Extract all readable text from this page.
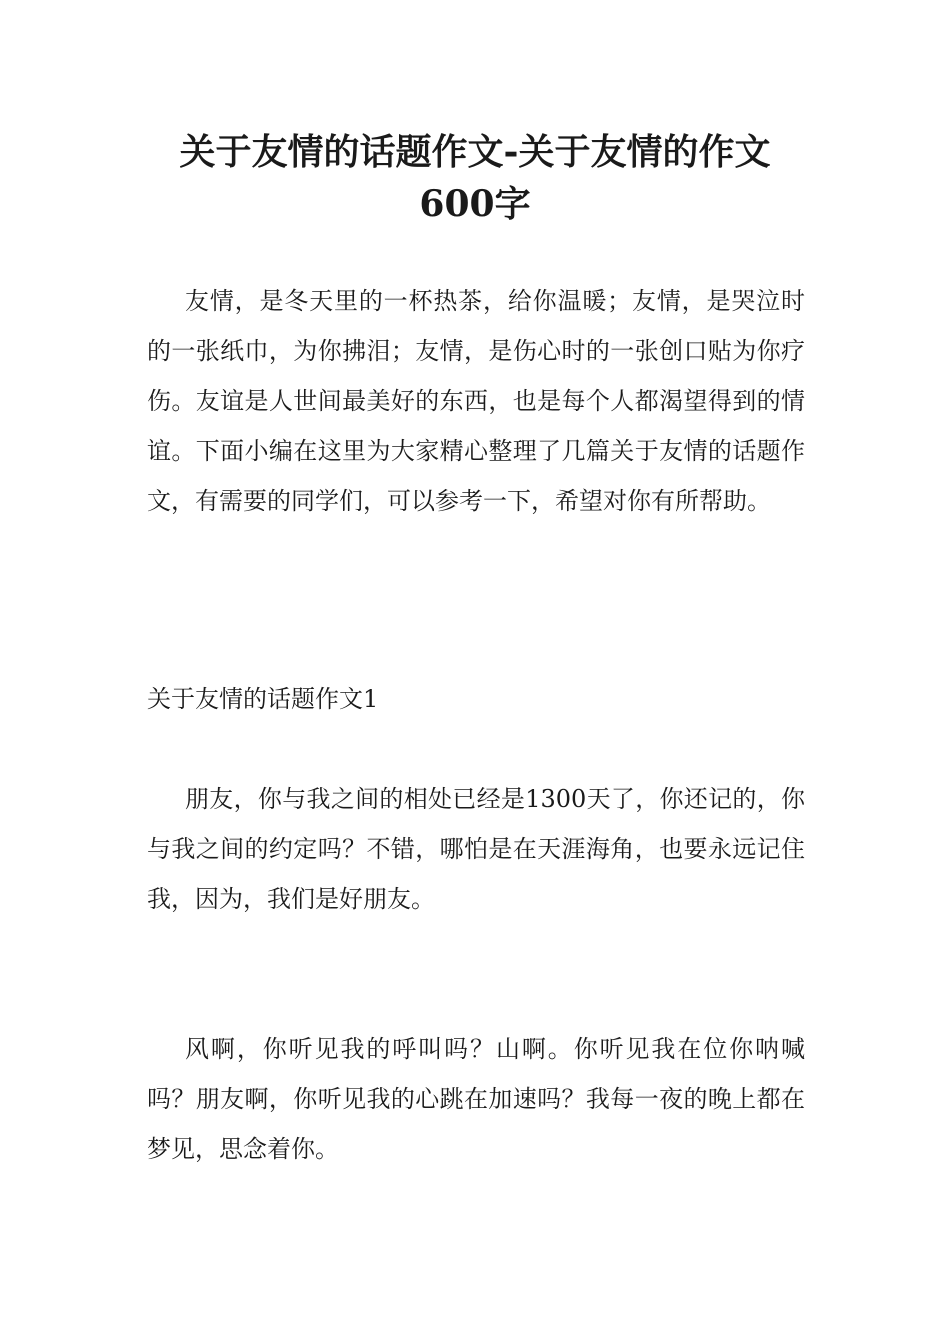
关于友情的话题作文-关于友情的作文600字

友情，是冬天里的一杯热茶，给你温暖；友情，是哭泣时的一张纸巾，为你拂泪；友情，是伤心时的一张创口贴为你疗伤。友谊是人世间最美好的东西，也是每个人都渴望得到的情谊。下面小编在这里为大家精心整理了几篇关于友情的话题作文，有需要的同学们，可以参考一下，希望对你有所帮助。

关于友情的话题作文1

朋友，你与我之间的相处已经是1300天了，你还记的，你与我之间的约定吗？不错，哪怕是在天涯海角，也要永远记住我，因为，我们是好朋友。

风啊，你听见我的呼叫吗？山啊。你听见我在位你呐喊吗？朋友啊，你听见我的心跳在加速吗？我每一夜的晚上都在梦见，思念着你。
